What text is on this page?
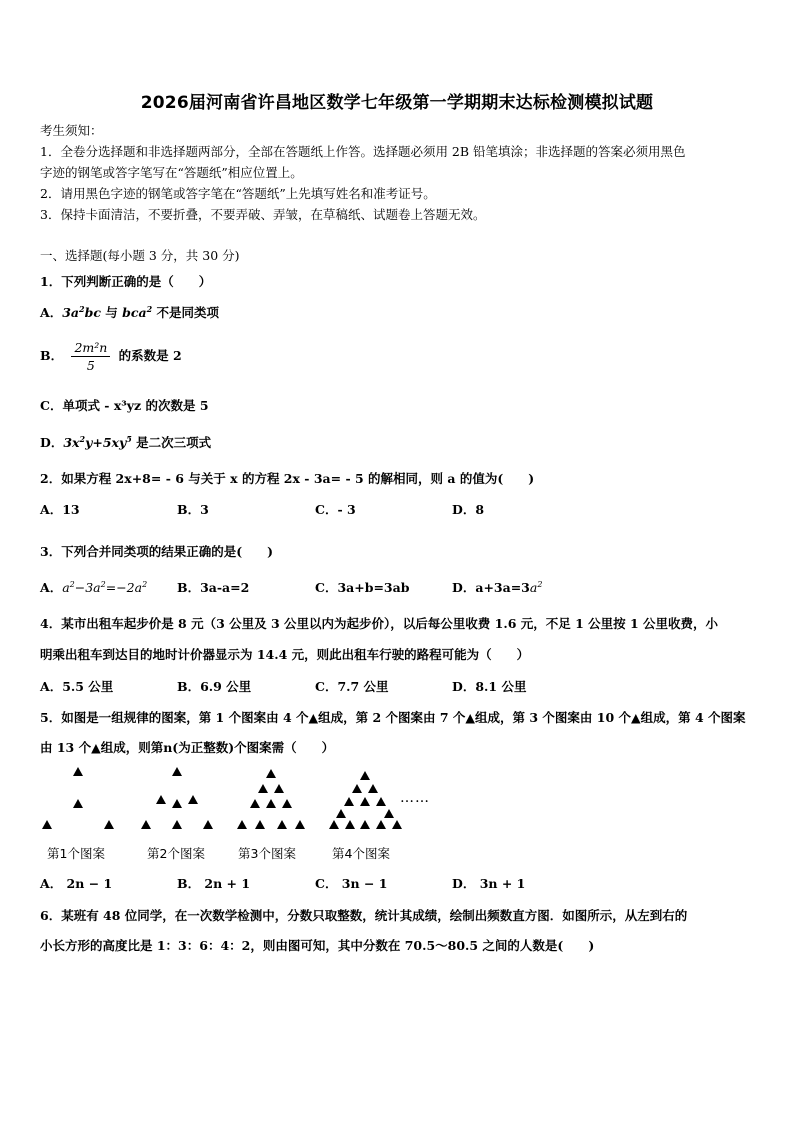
2026届河南省许昌地区数学七年级第一学期期末达标检测模拟试题
考生须知：
1．全卷分选择题和非选择题两部分，全部在答题纸上作答。选择题必须用 2B 铅笔填涂；非选择题的答案必须用黑色
字迹的钢笔或答字笔写在“答题纸”相应位置上。
2．请用黑色字迹的钢笔或答字笔在“答题纸”上先填写姓名和准考证号。
3．保持卡面清洁，不要折叠，不要弄破、弄皱，在草稿纸、试题卷上答题无效。
一、选择题(每小题 3 分，共 30 分)
1．下列判断正确的是（　　）
A．$3a^2bc$ 与 bca$^2$ 不是同类项
B． $\frac{\text{2m²n}}{5}$ 的系数是 2
C．单项式 - x³yz 的次数是 5
D．$3x^2y+5xy^5$ 是二次三项式
2．如果方程 2x+8= - 6 与关于 x 的方程 2x - 3a= - 5 的解相同，则 a 的值为(　　)
A．13	B．3	C．- 3	D．8
3．下列合并同类项的结果正确的是(　　)
A．$a^2-3a^2=-2a^2$ B．3a-a=2	C．3a+b=3ab	D．$a+3a=3a^2$
4．某市出租车起步价是 8 元（3 公里及 3 公里以内为起步价），以后每公里收费 1.6 元，不足 1 公里按 1 公里收费，小
明乘出租车到达目的地时计价器显示为 14.4 元，则此出租车行驶的路程可能为（　　）
A．5.5 公里	B．6.9 公里	C．7.7 公里	D．8.1 公里
5．如图是一组规律的图案，第 1 个图案由 4 个▲组成，第 2 个图案由 7 个▲组成，第 3 个图案由 10 个▲组成，第 4 个图案
由 13 个▲组成，则第n(为正整数)个图案需（　　）
……
第1个图案	第2个图案	第3个图案	第4个图案
A． 2n − 1	B． 2n + 1	C． 3n − 1	D． 3n + 1
6．某班有 48 位同学，在一次数学检测中，分数只取整数，统计其成绩，绘制出频数直方图．如图所示，从左到右的
小长方形的高度比是 1：3：6：4：2，则由图可知，其中分数在 70.5～80.5 之间的人数是(　　)
